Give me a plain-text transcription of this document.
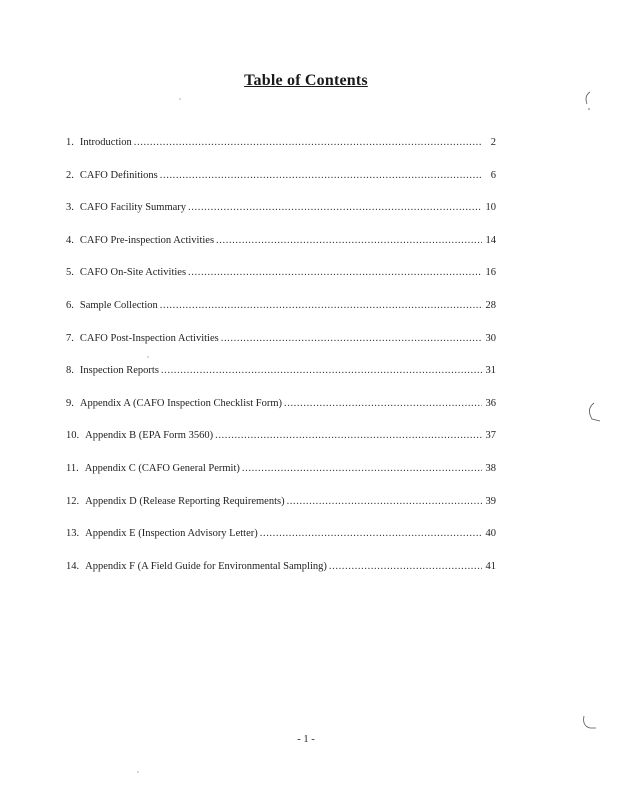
Table of Contents
1. Introduction .....	2
2. CAFO Definitions .....	6
3. CAFO Facility Summary .....	10
4. CAFO Pre-inspection Activities .....	14
5. CAFO On-Site Activities .....	16
6. Sample Collection .....	28
7. CAFO Post-Inspection Activities .....	30
8. Inspection Reports .....	31
9. Appendix A (CAFO Inspection Checklist Form) .....	36
10. Appendix B (EPA Form 3560) .....	37
11. Appendix C (CAFO General Permit) .....	38
12. Appendix D (Release Reporting Requirements) .....	39
13. Appendix E (Inspection Advisory Letter) .....	40
14. Appendix F (A Field Guide for Environmental Sampling) .....	41
- 1 -
